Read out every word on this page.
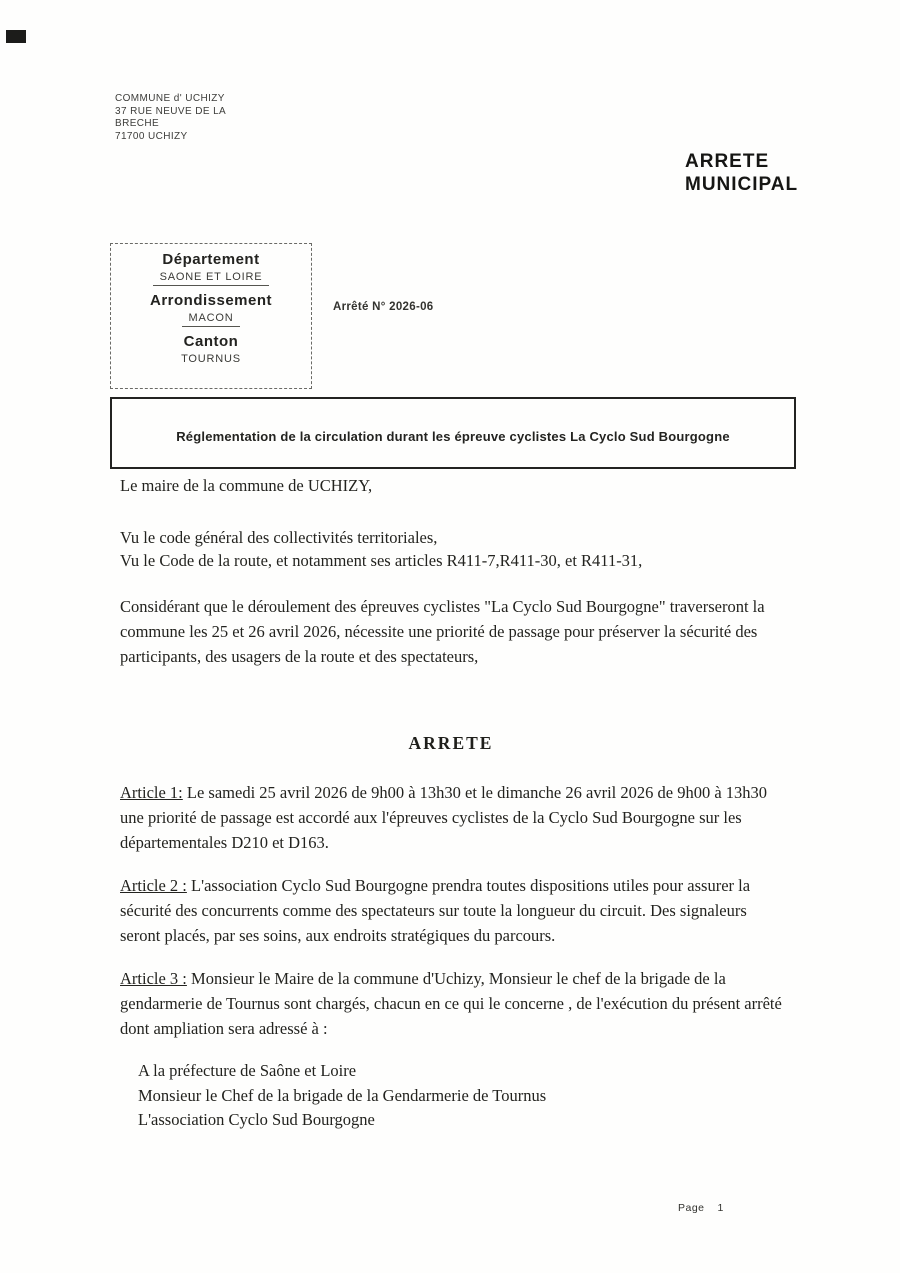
COMMUNE d' UCHIZY
37 RUE NEUVE DE LA
BRECHE
71700 UCHIZY
ARRETE
MUNICIPAL
Département
SAONE ET LOIRE
Arrondissement
MACON
Canton
TOURNUS
Arrêté N° 2026-06
Réglementation de la circulation durant les épreuve cyclistes La Cyclo Sud Bourgogne

Le maire de la commune de UCHIZY,

Vu le code général des collectivités territoriales,
Vu le Code de la route, et notamment ses articles R411-7,R411-30, et R411-31,

Considérant que le déroulement des épreuves cyclistes "La Cyclo Sud Bourgogne" traverseront la commune les 25 et 26 avril 2026, nécessite une priorité de passage pour préserver la sécurité des participants, des usagers de la route et des spectateurs,

ARRETE

Article 1: Le samedi 25 avril 2026 de 9h00 à 13h30 et le dimanche 26 avril 2026 de 9h00 à 13h30 une priorité de passage est accordé aux l'épreuves cyclistes de la Cyclo Sud Bourgogne sur les départementales D210 et D163.

Article 2 : L'association Cyclo Sud Bourgogne prendra toutes dispositions utiles pour assurer la sécurité des concurrents comme des spectateurs sur toute la longueur du circuit. Des signaleurs seront placés, par ses soins, aux endroits stratégiques du parcours.

Article 3 : Monsieur le Maire de la commune d'Uchizy, Monsieur le chef de la brigade de la gendarmerie de Tournus sont chargés, chacun en ce qui le concerne , de l'exécution du présent arrêté dont ampliation sera adressé à :

A la préfecture de Saône et Loire
Monsieur le Chef de la brigade de la Gendarmerie de Tournus
L'association Cyclo Sud Bourgogne
Page 1
